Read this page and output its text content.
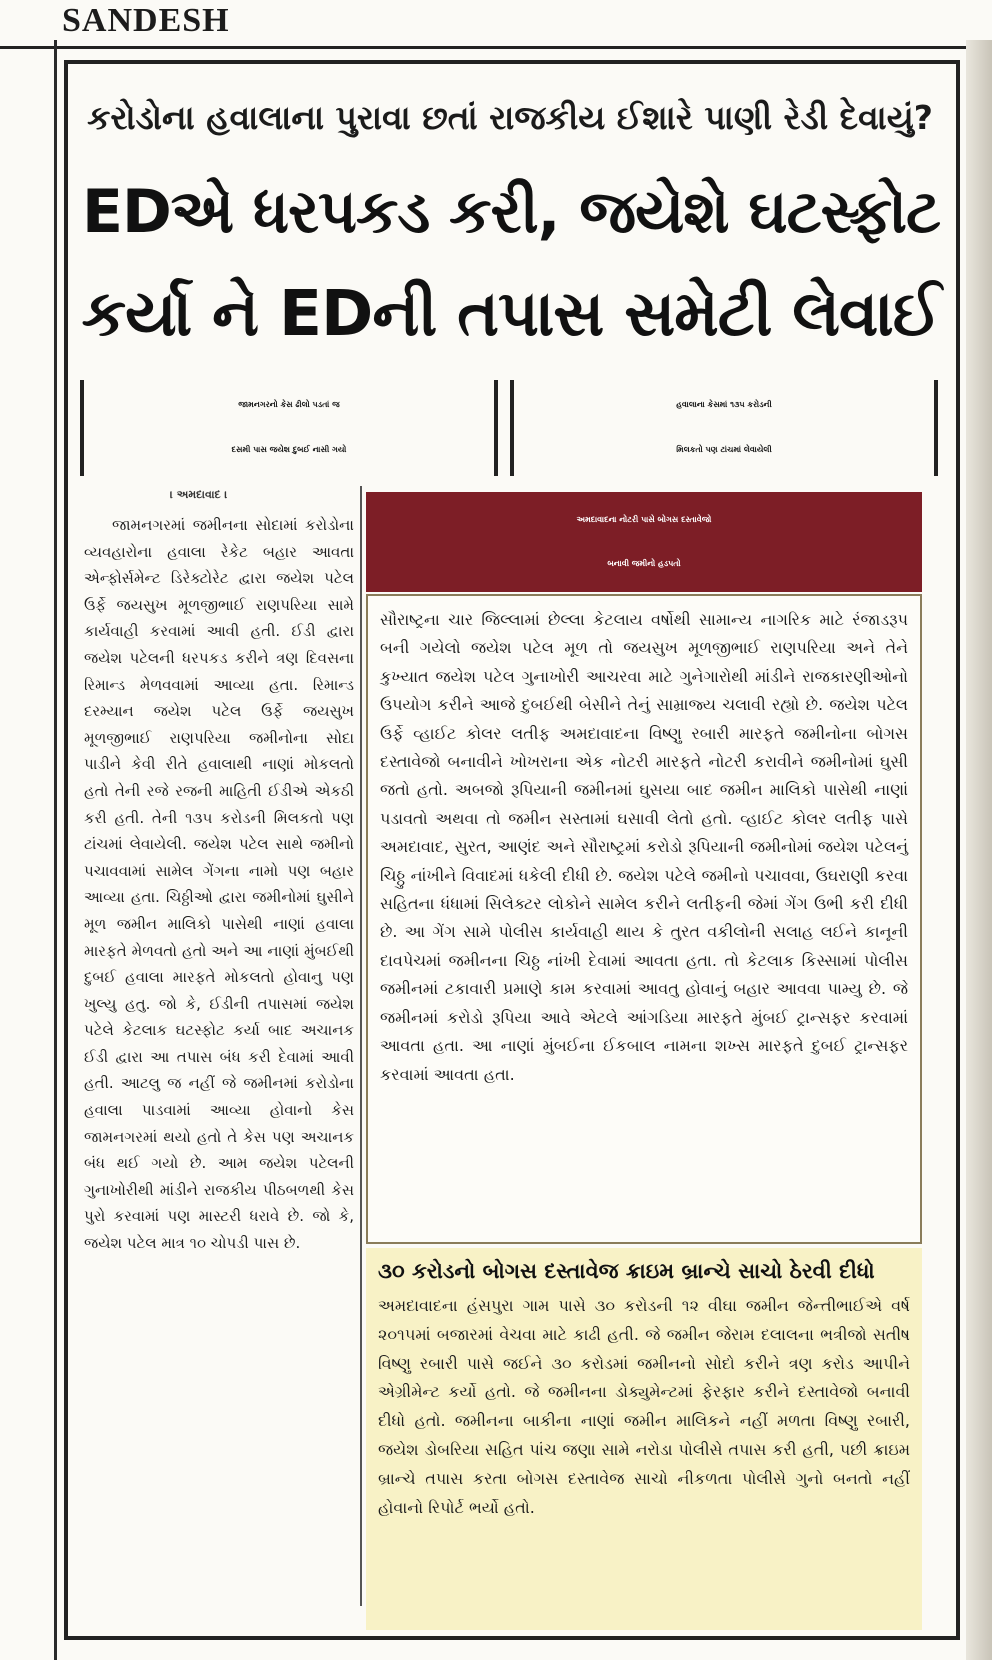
SANDESH
કરોડોના હવાલાના પુરાવા છતાં રાજકીય ઈશારે પાણી રેડી દેવાયું?
EDએ ધરપકડ કરી, જયેશે ઘટસ્ફોટ
કર્યા ને EDની તપાસ સમેટી લેવાઈ
જામનગરનો કેસ ઢીલો પડતાં જ
દસમી પાસ જયેશ દુબઈ નાસી ગયો
હવાલાના કેસમાં ૧૩૫ કરોડની
મિલકતો પણ ટાંચમાં લેવાયેલી
। અમદાવાદ ।

જામનગરમાં જમીનના સોદામાં કરોડોના વ્યવહારોના હવાલા રેકેટ બહાર આવતા એન્ફોર્સમેન્ટ ડિરેક્ટોરેટ દ્વારા જયેશ પટેલ ઉર્ફે જયસુખ મૂળજીભાઈ રાણપરિયા સામે કાર્યવાહી કરવામાં આવી હતી. ઈડી દ્વારા જયેશ પટેલની ધરપકડ કરીને ત્રણ દિવસના રિમાન્ડ મેળવવામાં આવ્યા હતા. રિમાન્ડ દરમ્યાન જયેશ પટેલ ઉર્ફે જયસુખ મૂળજીભાઈ રાણપરિયા જમીનોના સોદા પાડીને કેવી રીતે હવાલાથી નાણાં મોકલતો હતો તેની રજે રજની માહિતી ઈડીએ એકઠી કરી હતી. તેની ૧૩૫ કરોડની મિલકતો પણ ટાંચમાં લેવાયેલી. જયેશ પટેલ સાથે જમીનો પચાવવામાં સામેલ ગેંગના નામો પણ બહાર આવ્યા હતા. ચિઠ્ઠીઓ દ્વારા જમીનોમાં ઘુસીને મૂળ જમીન માલિકો પાસેથી નાણાં હવાલા મારફતે મેળવતો હતો અને આ નાણાં મુંબઈથી દુબઈ હવાલા મારફતે મોકલતો હોવાનુ પણ ખુલ્યુ હતુ. જો કે, ઈડીની તપાસમાં જયેશ પટેલે કેટલાક ઘટસ્ફોટ કર્યા બાદ અચાનક ઈડી દ્વારા આ તપાસ બંધ કરી દેવામાં આવી હતી. આટલુ જ નહીં જે જમીનમાં કરોડોના હવાલા પાડવામાં આવ્યા હોવાનો કેસ જામનગરમાં થયો હતો તે કેસ પણ અચાનક બંધ થઈ ગયો છે. આમ જયેશ પટેલની ગુનાખોરીથી માંડીને રાજકીય પીઠબળથી કેસ પુરો કરવામાં પણ માસ્ટરી ધરાવે છે. જો કે, જયેશ પટેલ માત્ર ૧૦ ચોપડી પાસ છે.

અમદાવાદના નોટરી પાસે બોગસ દસ્તાવેજો
બનાવી જમીનો હડપતો

સૌરાષ્ટ્રના ચાર જિલ્લામાં છેલ્લા કેટલાય વર્ષોથી સામાન્ય નાગરિક માટે રંજાડરૂપ બની ગયેલો જયેશ પટેલ મૂળ તો જયસુખ મૂળજીભાઈ રાણપરિયા અને તેને કુખ્યાત જયેશ પટેલ ગુનાખોરી આચરવા માટે ગુનેગારોથી માંડીને રાજકારણીઓનો ઉપયોગ કરીને આજે દુબઈથી બેસીને તેનું સામ્રાજ્ય ચલાવી રહ્યો છે. જયેશ પટેલ ઉર્ફે વ્હાઈટ કોલર લતીફ અમદાવાદના વિષ્ણુ રબારી મારફતે જમીનોના બોગસ દસ્તાવેજો બનાવીને ખોખરાના એક નોટરી મારફતે નોટરી કરાવીને જમીનોમાં ઘુસી જતો હતો. અબજો રૂપિયાની જમીનમાં ઘુસયા બાદ જમીન માલિકો પાસેથી નાણાં પડાવતો અથવા તો જમીન સસ્તામાં ઘસાવી લેતો હતો. વ્હાઈટ કોલર લતીફ પાસે અમદાવાદ, સુરત, આણંદ અને સૌરાષ્ટ્રમાં કરોડો રૂપિયાની જમીનોમાં જયેશ પટેલનું ચિઠ્ઠુ નાંખીને વિવાદમાં ધકેલી દીધી છે. જયેશ પટેલે જમીનો પચાવવા, ઉઘરાણી કરવા સહિતના ધંધામાં સિલેક્ટર લોકોને સામેલ કરીને લતીફની જેમાં ગેંગ ઉભી કરી દીધી છે. આ ગેંગ સામે પોલીસ કાર્યવાહી થાય કે તુરત વકીલોની સલાહ લઈને કાનૂની દાવપેચમાં જમીનના ચિઠ્ઠ નાંખી દેવામાં આવતા હતા. તો કેટલાક કિસ્સામાં પોલીસ જમીનમાં ટકાવારી પ્રમાણે કામ કરવામાં આવતુ હોવાનું બહાર આવવા પામ્યુ છે. જે જમીનમાં કરોડો રૂપિયા આવે એટલે આંગડિયા મારફતે મુંબઈ ટ્રાન્સફર કરવામાં આવતા હતા. આ નાણાં મુંબઈના ઈકબાલ નામના શખ્સ મારફતે દુબઈ ટ્રાન્સફર કરવામાં આવતા હતા.

૩૦ કરોડનો બોગસ દસ્તાવેજ ક્રાઇમ બ્રાન્ચે સાચો ઠેરવી દીધો

અમદાવાદના હંસપુરા ગામ પાસે ૩૦ કરોડની ૧૨ વીઘા જમીન જેન્તીભાઈએ વર્ષ ૨૦૧૫માં બજારમાં વેચવા માટે કાઢી હતી. જે જમીન જેરામ દલાલના ભત્રીજો સતીષ વિષ્ણુ રબારી પાસે જઈને ૩૦ કરોડમાં જમીનનો સોદો કરીને ત્રણ કરોડ આપીને એગ્રીમેન્ટ કર્યો હતો. જે જમીનના ડોક્યુમેન્ટમાં ફેરફાર કરીને દસ્તાવેજો બનાવી દીધો હતો. જમીનના બાકીના નાણાં જમીન માલિકને નહીં મળતા વિષ્ણુ રબારી, જયેશ ડોબરિયા સહિત પાંચ જણા સામે નરોડા પોલીસે તપાસ કરી હતી, પછી ક્રાઇમ બ્રાન્ચે તપાસ કરતા બોગસ દસ્તાવેજ સાચો નીકળતા પોલીસે ગુનો બનતો નહીં હોવાનો રિપોર્ટ ભર્યો હતો.
